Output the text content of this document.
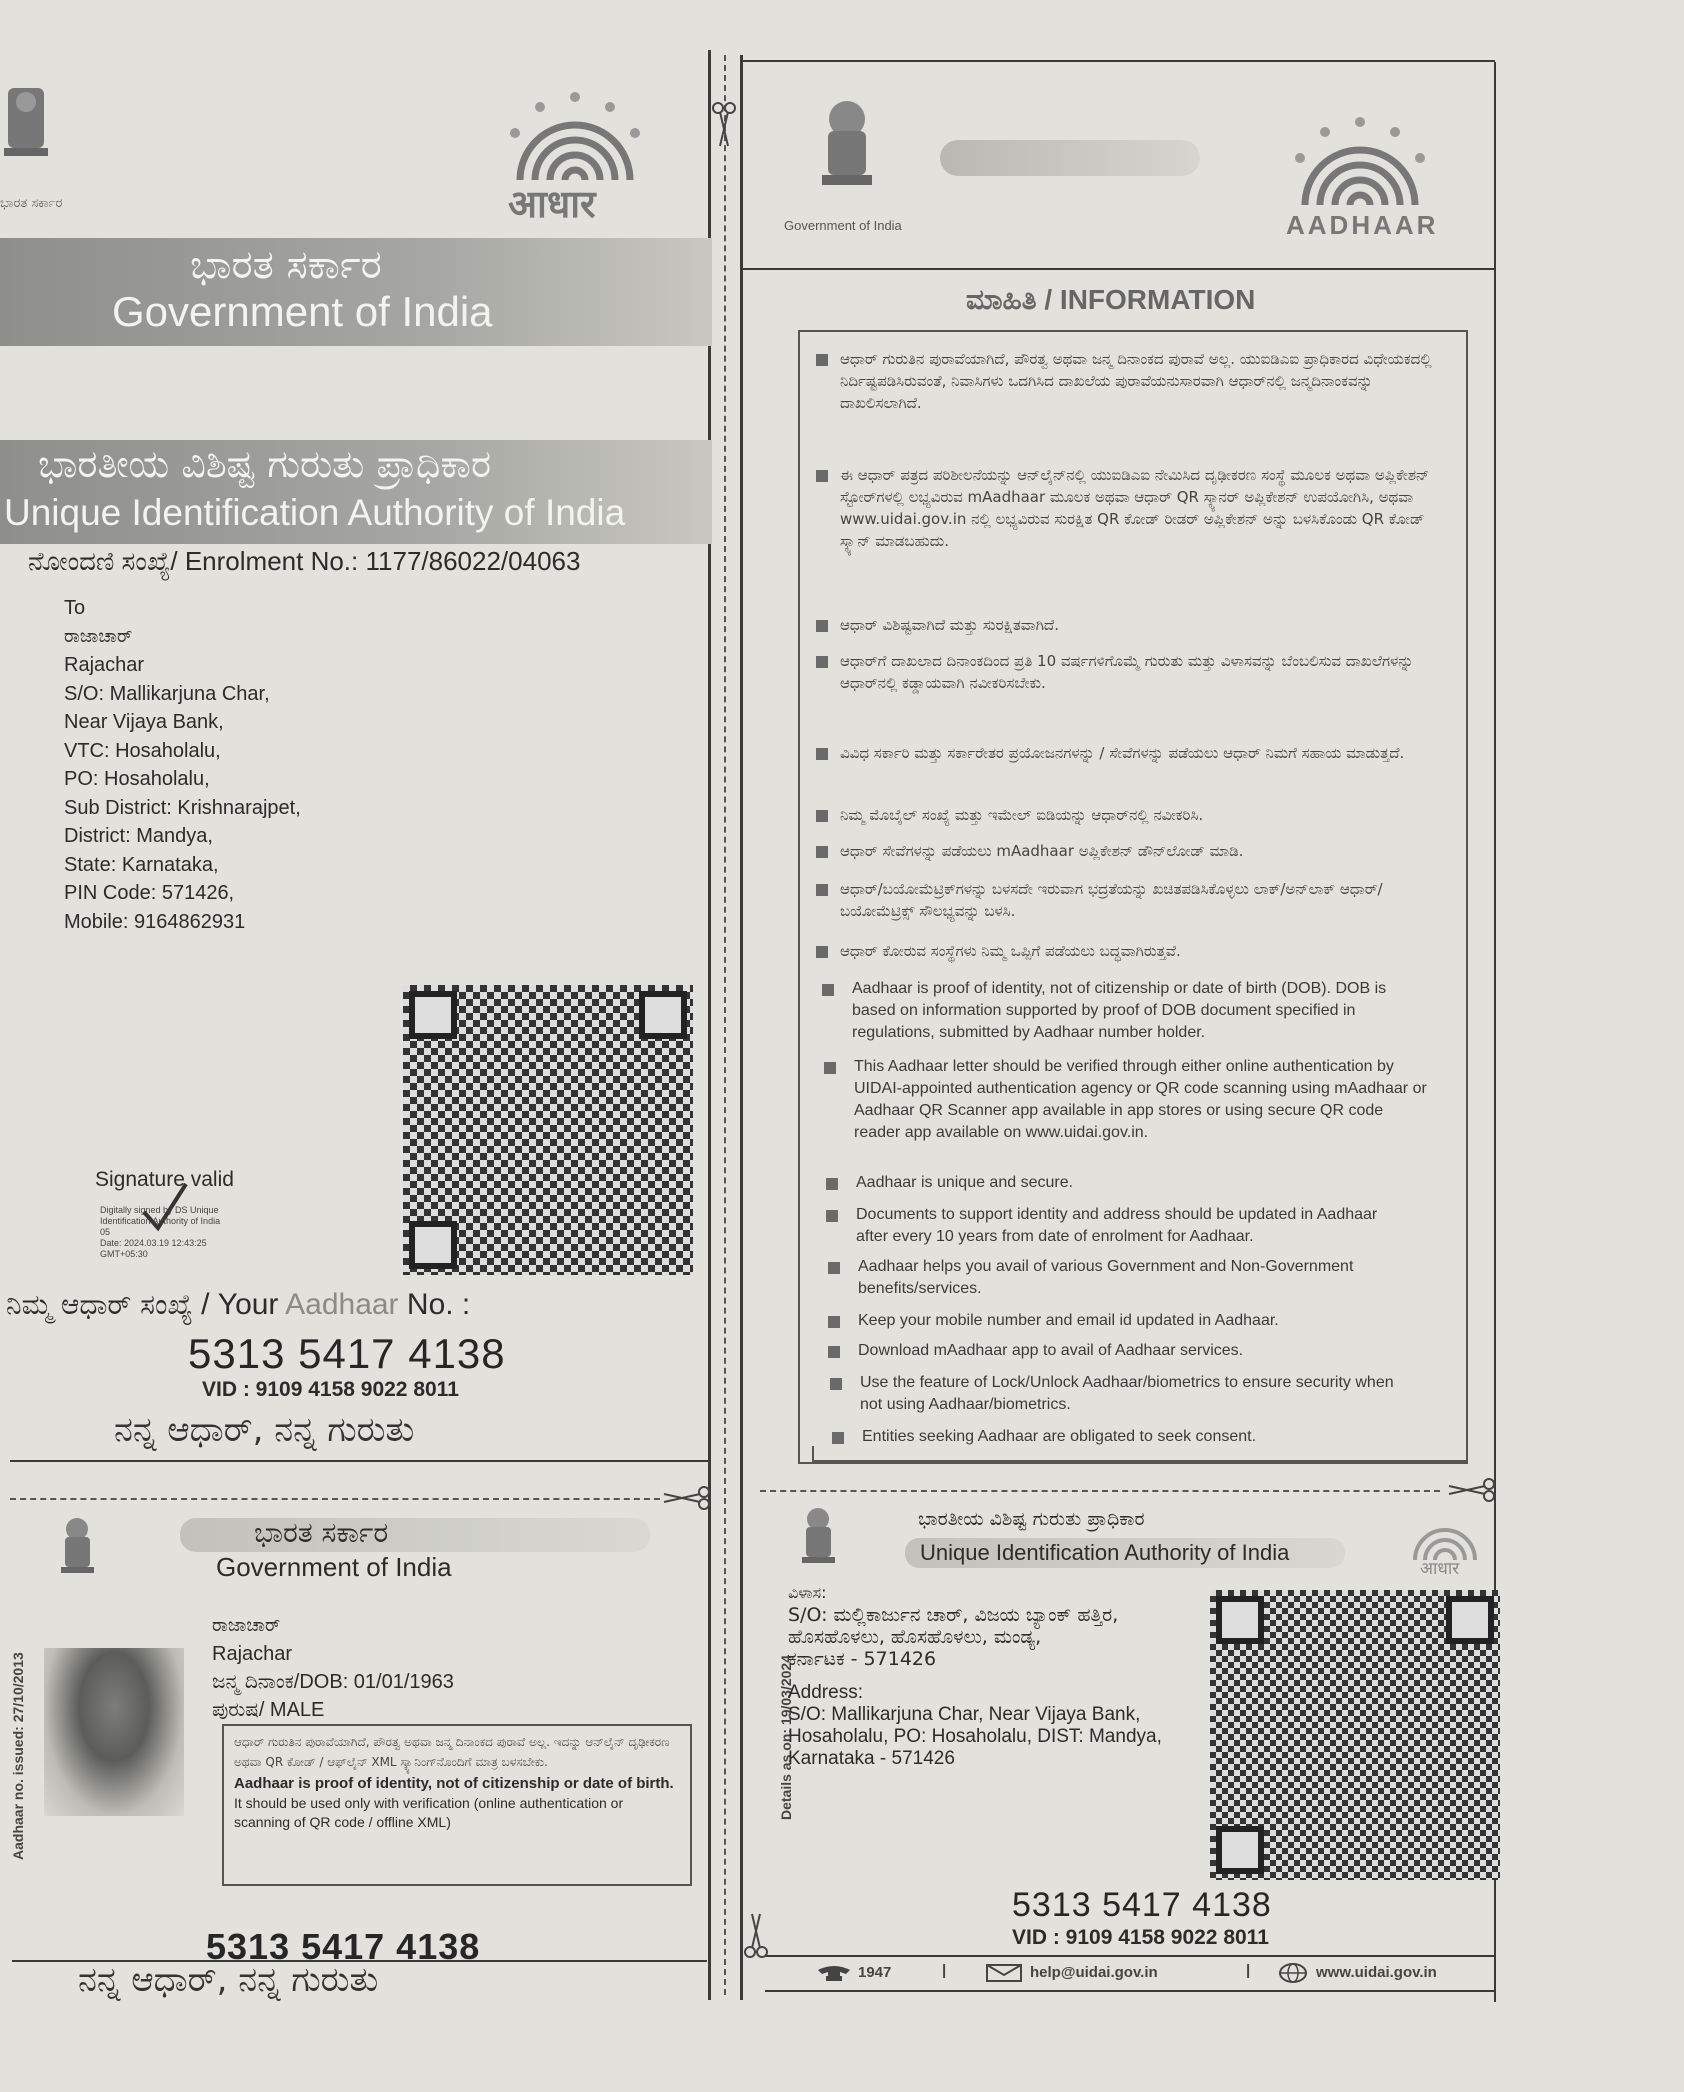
ಭಾರತ ಸರ್ಕಾರ	आधार
ಭಾರತ ಸರ್ಕಾರ
Government of India
ಭಾರತೀಯ ವಿಶಿಷ್ಟ ಗುರುತು ಪ್ರಾಧಿಕಾರ
Unique Identification Authority of India
ನೋಂದಣಿ ಸಂಖ್ಯೆ/ Enrolment No.: 1177/86022/04063
To
ರಾಜಾಚಾರ್
Rajachar
S/O: Mallikarjuna Char,
Near Vijaya Bank,
VTC: Hosaholalu,
PO: Hosaholalu,
Sub District: Krishnarajpet,
District: Mandya,
State: Karnataka,
PIN Code: 571426,
Mobile: 9164862931
Signature valid
Digitally signed by DS Unique
Identification Authority of India
05
Date: 2024.03.19 12:43:25
GMT+05:30
ನಿಮ್ಮ ಆಧಾರ್ ಸಂಖ್ಯೆ / Your Aadhaar No. :
5313 5417 4138
VID : 9109 4158 9022 8011
ನನ್ನ ಆಧಾರ್, ನನ್ನ ಗುರುತು
Government of India	AADHAAR
ಮಾಹಿತಿ / INFORMATION
ಆಧಾರ್ ಗುರುತಿನ ಪುರಾವೆಯಾಗಿದೆ, ಪೌರತ್ವ ಅಥವಾ ಜನ್ಮ ದಿನಾಂಕದ ಪುರಾವೆ ಅಲ್ಲ. ಯುಐಡಿಎಐ ಪ್ರಾಧಿಕಾರದ ವಿಧೇಯಕದಲ್ಲಿ ನಿರ್ದಿಷ್ಟಪಡಿಸಿರುವಂತೆ, ನಿವಾಸಿಗಳು ಒದಗಿಸಿದ ದಾಖಲೆಯ ಪುರಾವೆಯನುಸಾರವಾಗಿ ಆಧಾರ್‌ನಲ್ಲಿ ಜನ್ಮದಿನಾಂಕವನ್ನು ದಾಖಲಿಸಲಾಗಿದೆ.
ಈ ಆಧಾರ್ ಪತ್ರದ ಪರಿಶೀಲನೆಯನ್ನು ಆನ್‌ಲೈನ್‌ನಲ್ಲಿ ಯುಐಡಿಎಐ ನೇಮಿಸಿದ ದೃಢೀಕರಣ ಸಂಸ್ಥೆ ಮೂಲಕ ಅಥವಾ ಅಪ್ಲಿಕೇಶನ್ ಸ್ಟೋರ್‌ಗಳಲ್ಲಿ ಲಭ್ಯವಿರುವ mAadhaar ಮೂಲಕ ಅಥವಾ ಆಧಾರ್ QR ಸ್ಕ್ಯಾನರ್ ಅಪ್ಲಿಕೇಶನ್ ಉಪಯೋಗಿಸಿ, ಅಥವಾ www.uidai.gov.in ನಲ್ಲಿ ಲಭ್ಯವಿರುವ ಸುರಕ್ಷಿತ QR ಕೋಡ್ ರೀಡರ್ ಅಪ್ಲಿಕೇಶನ್ ಅನ್ನು ಬಳಸಿಕೊಂಡು QR ಕೋಡ್ ಸ್ಕ್ಯಾನ್ ಮಾಡಬಹುದು.
ಆಧಾರ್ ವಿಶಿಷ್ಟವಾಗಿದೆ ಮತ್ತು ಸುರಕ್ಷಿತವಾಗಿದೆ.
ಆಧಾರ್‌ಗೆ ದಾಖಲಾದ ದಿನಾಂಕದಿಂದ ಪ್ರತಿ 10 ವರ್ಷಗಳಿಗೊಮ್ಮೆ ಗುರುತು ಮತ್ತು ವಿಳಾಸವನ್ನು ಬೆಂಬಲಿಸುವ ದಾಖಲೆಗಳನ್ನು ಆಧಾರ್‌ನಲ್ಲಿ ಕಡ್ಡಾಯವಾಗಿ ನವೀಕರಿಸಬೇಕು.
ವಿವಿಧ ಸರ್ಕಾರಿ ಮತ್ತು ಸರ್ಕಾರೇತರ ಪ್ರಯೋಜನಗಳನ್ನು / ಸೇವೆಗಳನ್ನು ಪಡೆಯಲು ಆಧಾರ್ ನಿಮಗೆ ಸಹಾಯ ಮಾಡುತ್ತದೆ.
ನಿಮ್ಮ ಮೊಬೈಲ್ ಸಂಖ್ಯೆ ಮತ್ತು ಇಮೇಲ್ ಐಡಿಯನ್ನು ಆಧಾರ್‌ನಲ್ಲಿ ನವೀಕರಿಸಿ.
ಆಧಾರ್ ಸೇವೆಗಳನ್ನು ಪಡೆಯಲು mAadhaar ಅಪ್ಲಿಕೇಶನ್ ಡೌನ್‌ಲೋಡ್ ಮಾಡಿ.
ಆಧಾರ್/ಬಯೋಮೆಟ್ರಿಕ್‌ಗಳನ್ನು ಬಳಸದೇ ಇರುವಾಗ ಭದ್ರತೆಯನ್ನು ಖಚಿತಪಡಿಸಿಕೊಳ್ಳಲು ಲಾಕ್/ಅನ್‌ಲಾಕ್ ಆಧಾರ್/ಬಯೋಮೆಟ್ರಿಕ್ಸ್ ಸೌಲಭ್ಯವನ್ನು ಬಳಸಿ.
ಆಧಾರ್ ಕೋರುವ ಸಂಸ್ಥೆಗಳು ನಿಮ್ಮ ಒಪ್ಪಿಗೆ ಪಡೆಯಲು ಬದ್ಧವಾಗಿರುತ್ತವೆ.
Aadhaar is proof of identity, not of citizenship or date of birth (DOB). DOB is based on information supported by proof of DOB document specified in regulations, submitted by Aadhaar number holder.
This Aadhaar letter should be verified through either online authentication by UIDAI-appointed authentication agency or QR code scanning using mAadhaar or Aadhaar QR Scanner app available in app stores or using secure QR code reader app available on www.uidai.gov.in.
Aadhaar is unique and secure.
Documents to support identity and address should be updated in Aadhaar after every 10 years from date of enrolment for Aadhaar.
Aadhaar helps you avail of various Government and Non-Government benefits/services.
Keep your mobile number and email id updated in Aadhaar.
Download mAadhaar app to avail of Aadhaar services.
Use the feature of Lock/Unlock Aadhaar/biometrics to ensure security when not using Aadhaar/biometrics.
Entities seeking Aadhaar are obligated to seek consent.
ಭಾರತ ಸರ್ಕಾರ
Government of India
Aadhaar no. issued: 27/10/2013
ರಾಜಾಚಾರ್
Rajachar
ಜನ್ಮ ದಿನಾಂಕ/DOB: 01/01/1963
ಪುರುಷ/ MALE
ಆಧಾರ್ ಗುರುತಿನ ಪುರಾವೆಯಾಗಿದೆ, ಪೌರತ್ವ ಅಥವಾ ಜನ್ಮ ದಿನಾಂಕದ ಪುರಾವೆ ಅಲ್ಲ. ಇದನ್ನು ಆನ್‌ಲೈನ್ ದೃಢೀಕರಣ ಅಥವಾ QR ಕೋಡ್ / ಆಫ್‌ಲೈನ್ XML ಸ್ಕ್ಯಾನಿಂಗ್‌ನೊಂದಿಗೆ ಮಾತ್ರ ಬಳಸಬೇಕು.
Aadhaar is proof of identity, not of citizenship or date of birth.
It should be used only with verification (online authentication or scanning of QR code / offline XML)
5313 5417 4138
ನನ್ನ ಆಧಾರ್, ನನ್ನ ಗುರುತು
ಭಾರತೀಯ ವಿಶಿಷ್ಟ ಗುರುತು ಪ್ರಾಧಿಕಾರ
Unique Identification Authority of India
आधार
Details as on: 19/03/2024
ವಿಳಾಸ:
S/O: ಮಲ್ಲಿಕಾರ್ಜುನ ಚಾರ್, ವಿಜಯ ಬ್ಯಾಂಕ್ ಹತ್ತಿರ,
ಹೊಸಹೊಳಲು, ಹೊಸಹೊಳಲು, ಮಂಡ್ಯ,
ಕರ್ನಾಟಕ - 571426
Address:
S/O: Mallikarjuna Char, Near Vijaya Bank,
Hosaholalu, PO: Hosaholalu, DIST: Mandya,
Karnataka - 571426
5313 5417 4138
VID : 9109 4158 9022 8011
1947	|	help@uidai.gov.in	|	www.uidai.gov.in
